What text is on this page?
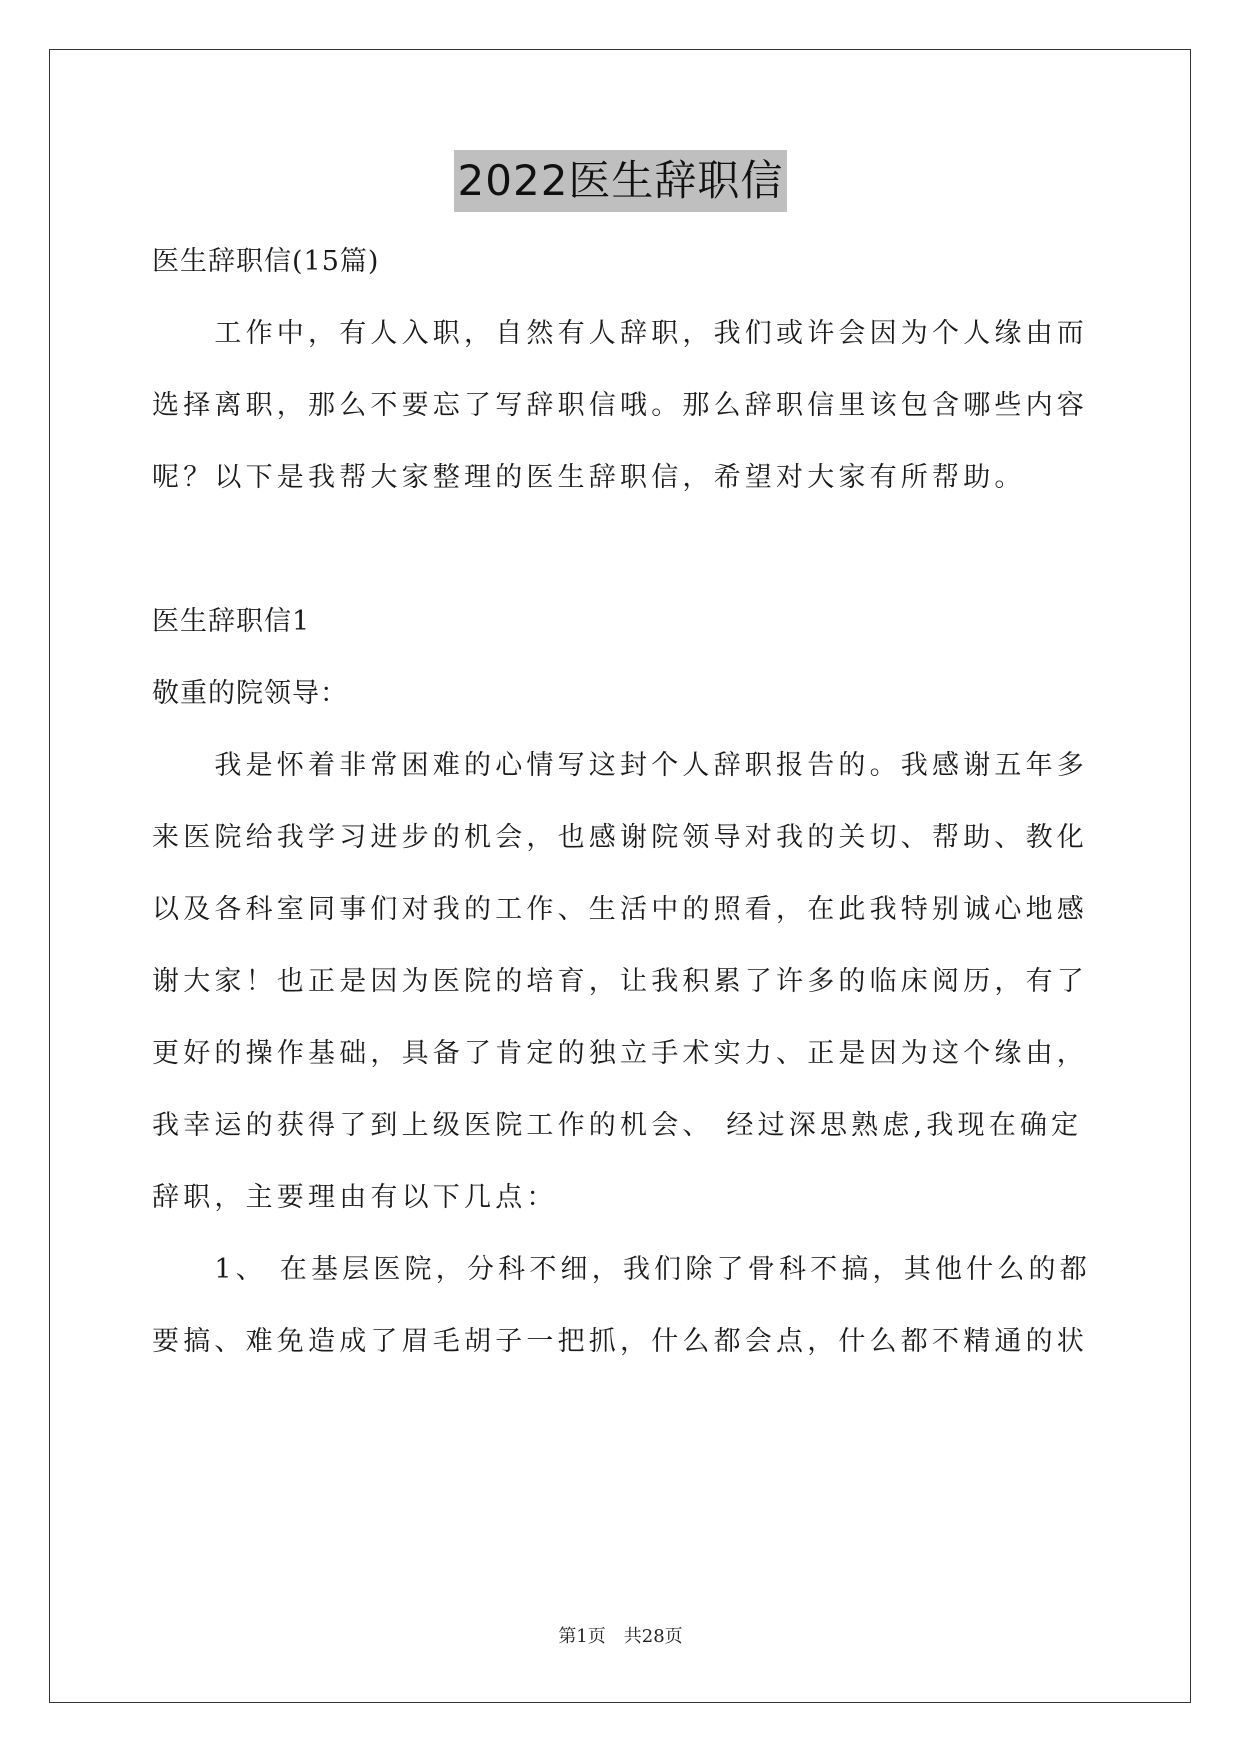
2022医生辞职信
医生辞职信(15篇)
　　工作中，有人入职，自然有人辞职，我们或许会因为个人缘由而
选择离职，那么不要忘了写辞职信哦。那么辞职信里该包含哪些内容
呢？以下是我帮大家整理的医生辞职信，希望对大家有所帮助。
医生辞职信1
敬重的院领导：
　　我是怀着非常困难的心情写这封个人辞职报告的。我感谢五年多
来医院给我学习进步的机会，也感谢院领导对我的关切、帮助、教化
以及各科室同事们对我的工作、生活中的照看，在此我特别诚心地感
谢大家！也正是因为医院的培育，让我积累了许多的临床阅历，有了
更好的操作基础，具备了肯定的独立手术实力、正是因为这个缘由，
我幸运的获得了到上级医院工作的机会、 经过深思熟虑,我现在确定
辞职，主要理由有以下几点：
　　1、 在基层医院，分科不细，我们除了骨科不搞，其他什么的都
要搞、难免造成了眉毛胡子一把抓，什么都会点，什么都不精通的状
第1页　共28页
